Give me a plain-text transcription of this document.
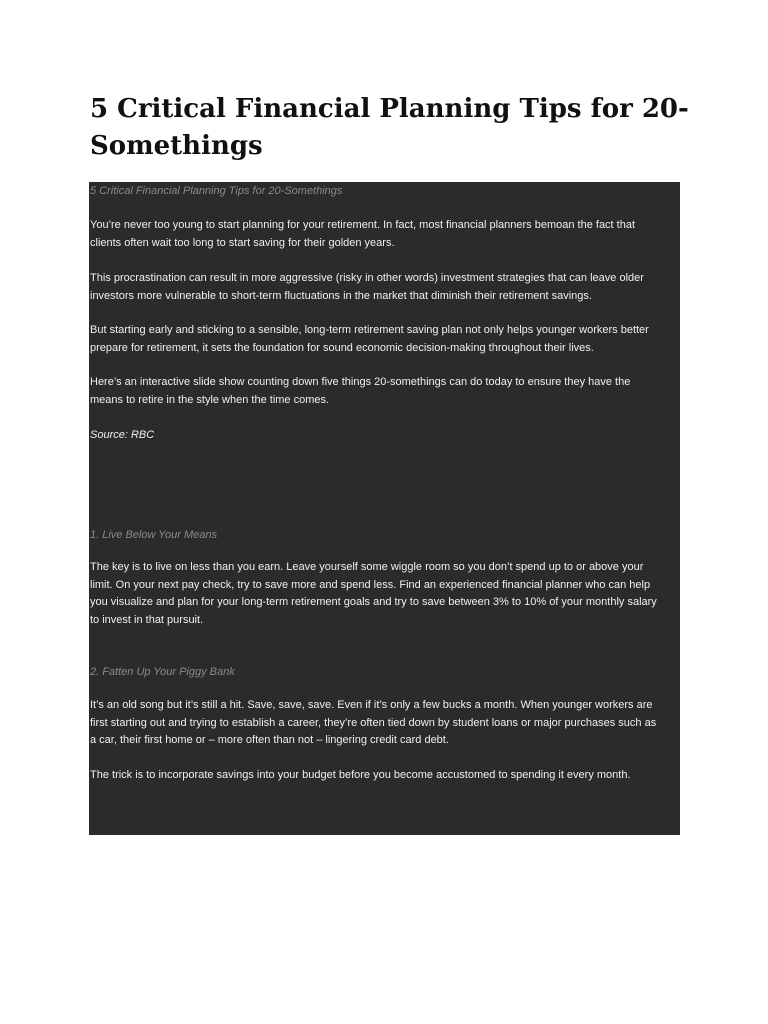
5 Critical Financial Planning Tips for 20-
Somethings

5 Critical Financial Planning Tips for 20-Somethings

You’re never too young to start planning for your retirement. In fact, most financial planners bemoan the fact that

clients often wait too long to start saving for their golden years.

This procrastination can result in more aggressive (risky in other words) investment strategies that can leave older

investors more vulnerable to short-term fluctuations in the market that diminish their retirement savings.

But starting early and sticking to a sensible, long-term retirement saving plan not only helps younger workers better

prepare for retirement, it sets the foundation for sound economic decision-making throughout their lives.

Here’s an interactive slide show counting down five things 20-somethings can do today to ensure they have the

means to retire in the style when the time comes.

Source: RBC

1. Live Below Your Means

The key is to live on less than you earn. Leave yourself some wiggle room so you don’t spend up to or above your

limit. On your next pay check, try to save more and spend less. Find an experienced financial planner who can help

you visualize and plan for your long-term retirement goals and try to save between 3% to 10% of your monthly salary

to invest in that pursuit.

2. Fatten Up Your Piggy Bank

It’s an old song but it’s still a hit. Save, save, save. Even if it’s only a few bucks a month. When younger workers are

first starting out and trying to establish a career, they’re often tied down by student loans or major purchases such as

a car, their first home or – more often than not – lingering credit card debt.

The trick is to incorporate savings into your budget before you become accustomed to spending it every month.
